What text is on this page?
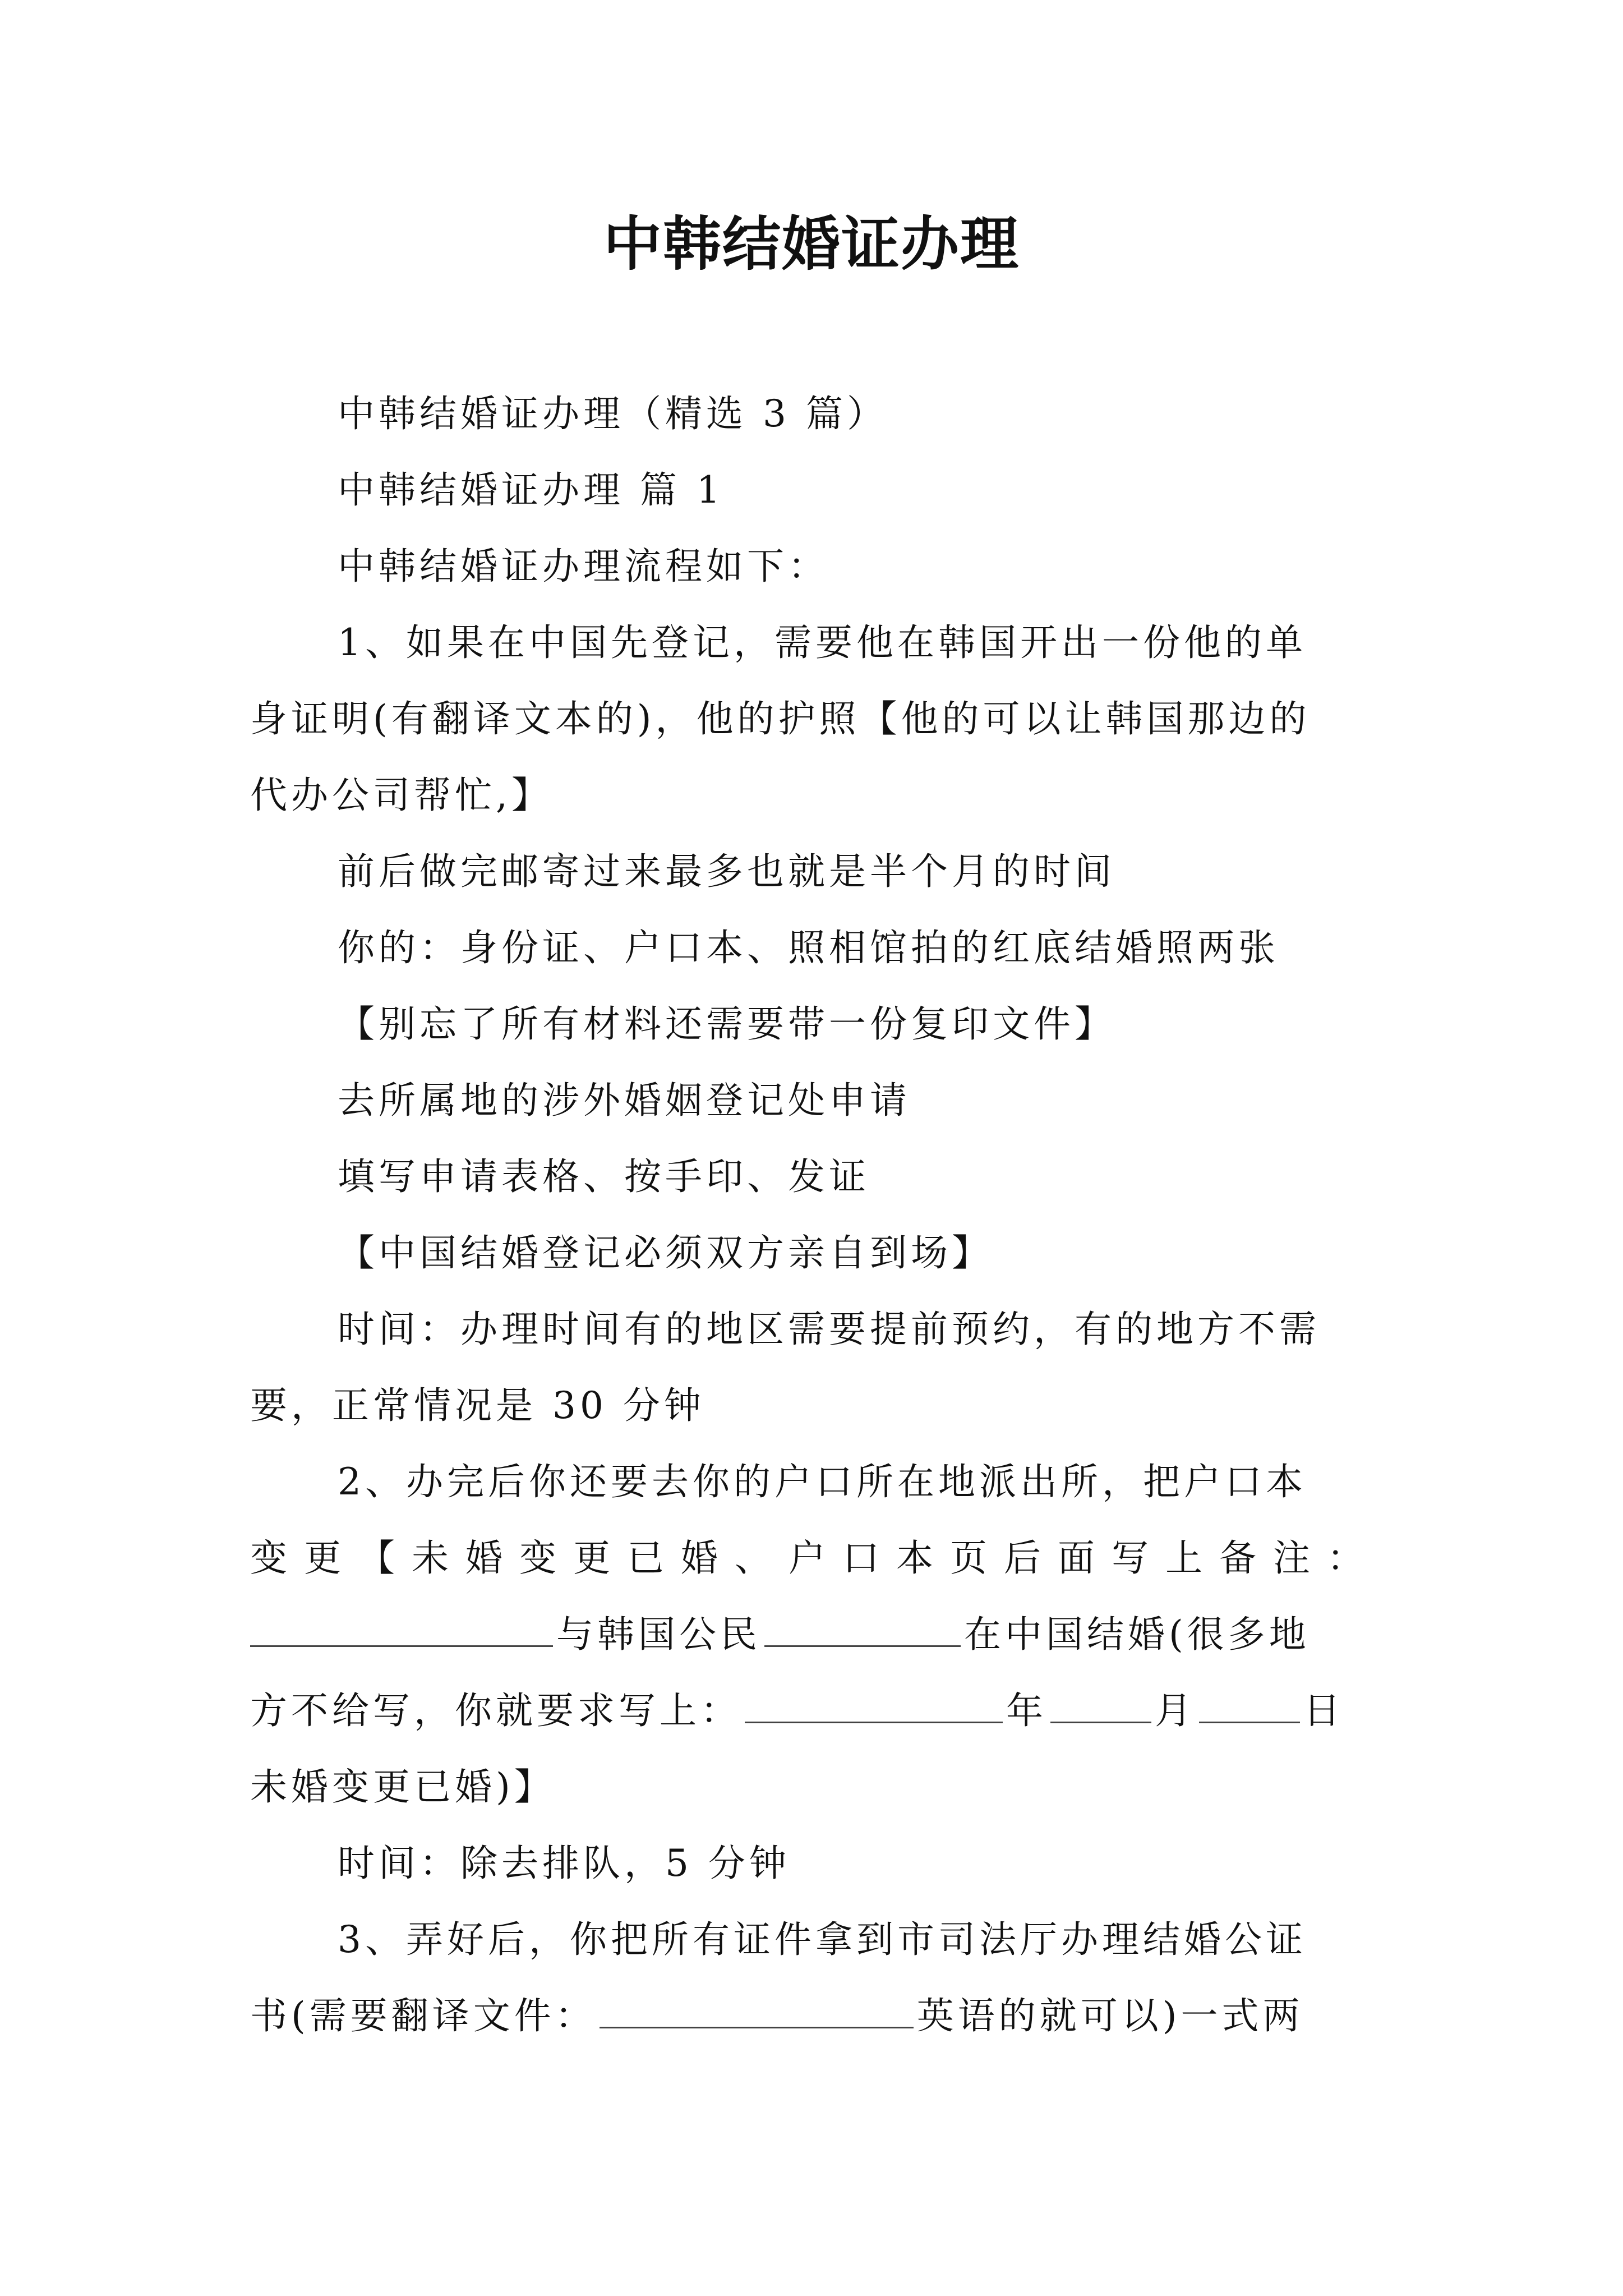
中韩结婚证办理

中韩结婚证办理（精选 3 篇）

中韩结婚证办理 篇 1

中韩结婚证办理流程如下：

1、如果在中国先登记，需要他在韩国开出一份他的单

身证明(有翻译文本的)，他的护照【他的可以让韩国那边的

代办公司帮忙,】

前后做完邮寄过来最多也就是半个月的时间

你的：身份证、户口本、照相馆拍的红底结婚照两张

【别忘了所有材料还需要带一份复印文件】

去所属地的涉外婚姻登记处申请

填写申请表格、按手印、发证

【中国结婚登记必须双方亲自到场】

时间：办理时间有的地区需要提前预约，有的地方不需

要，正常情况是 30 分钟

2、办完后你还要去你的户口所在地派出所，把户口本

变更【未婚变更已婚、户口本页后面写上备注：

与韩国公民	在中国结婚(很多地

方不给写，你就要求写上：	年	月	日

未婚变更已婚)】

时间：除去排队，5 分钟

3、弄好后，你把所有证件拿到市司法厅办理结婚公证

书(需要翻译文件：	英语的就可以)一式两
